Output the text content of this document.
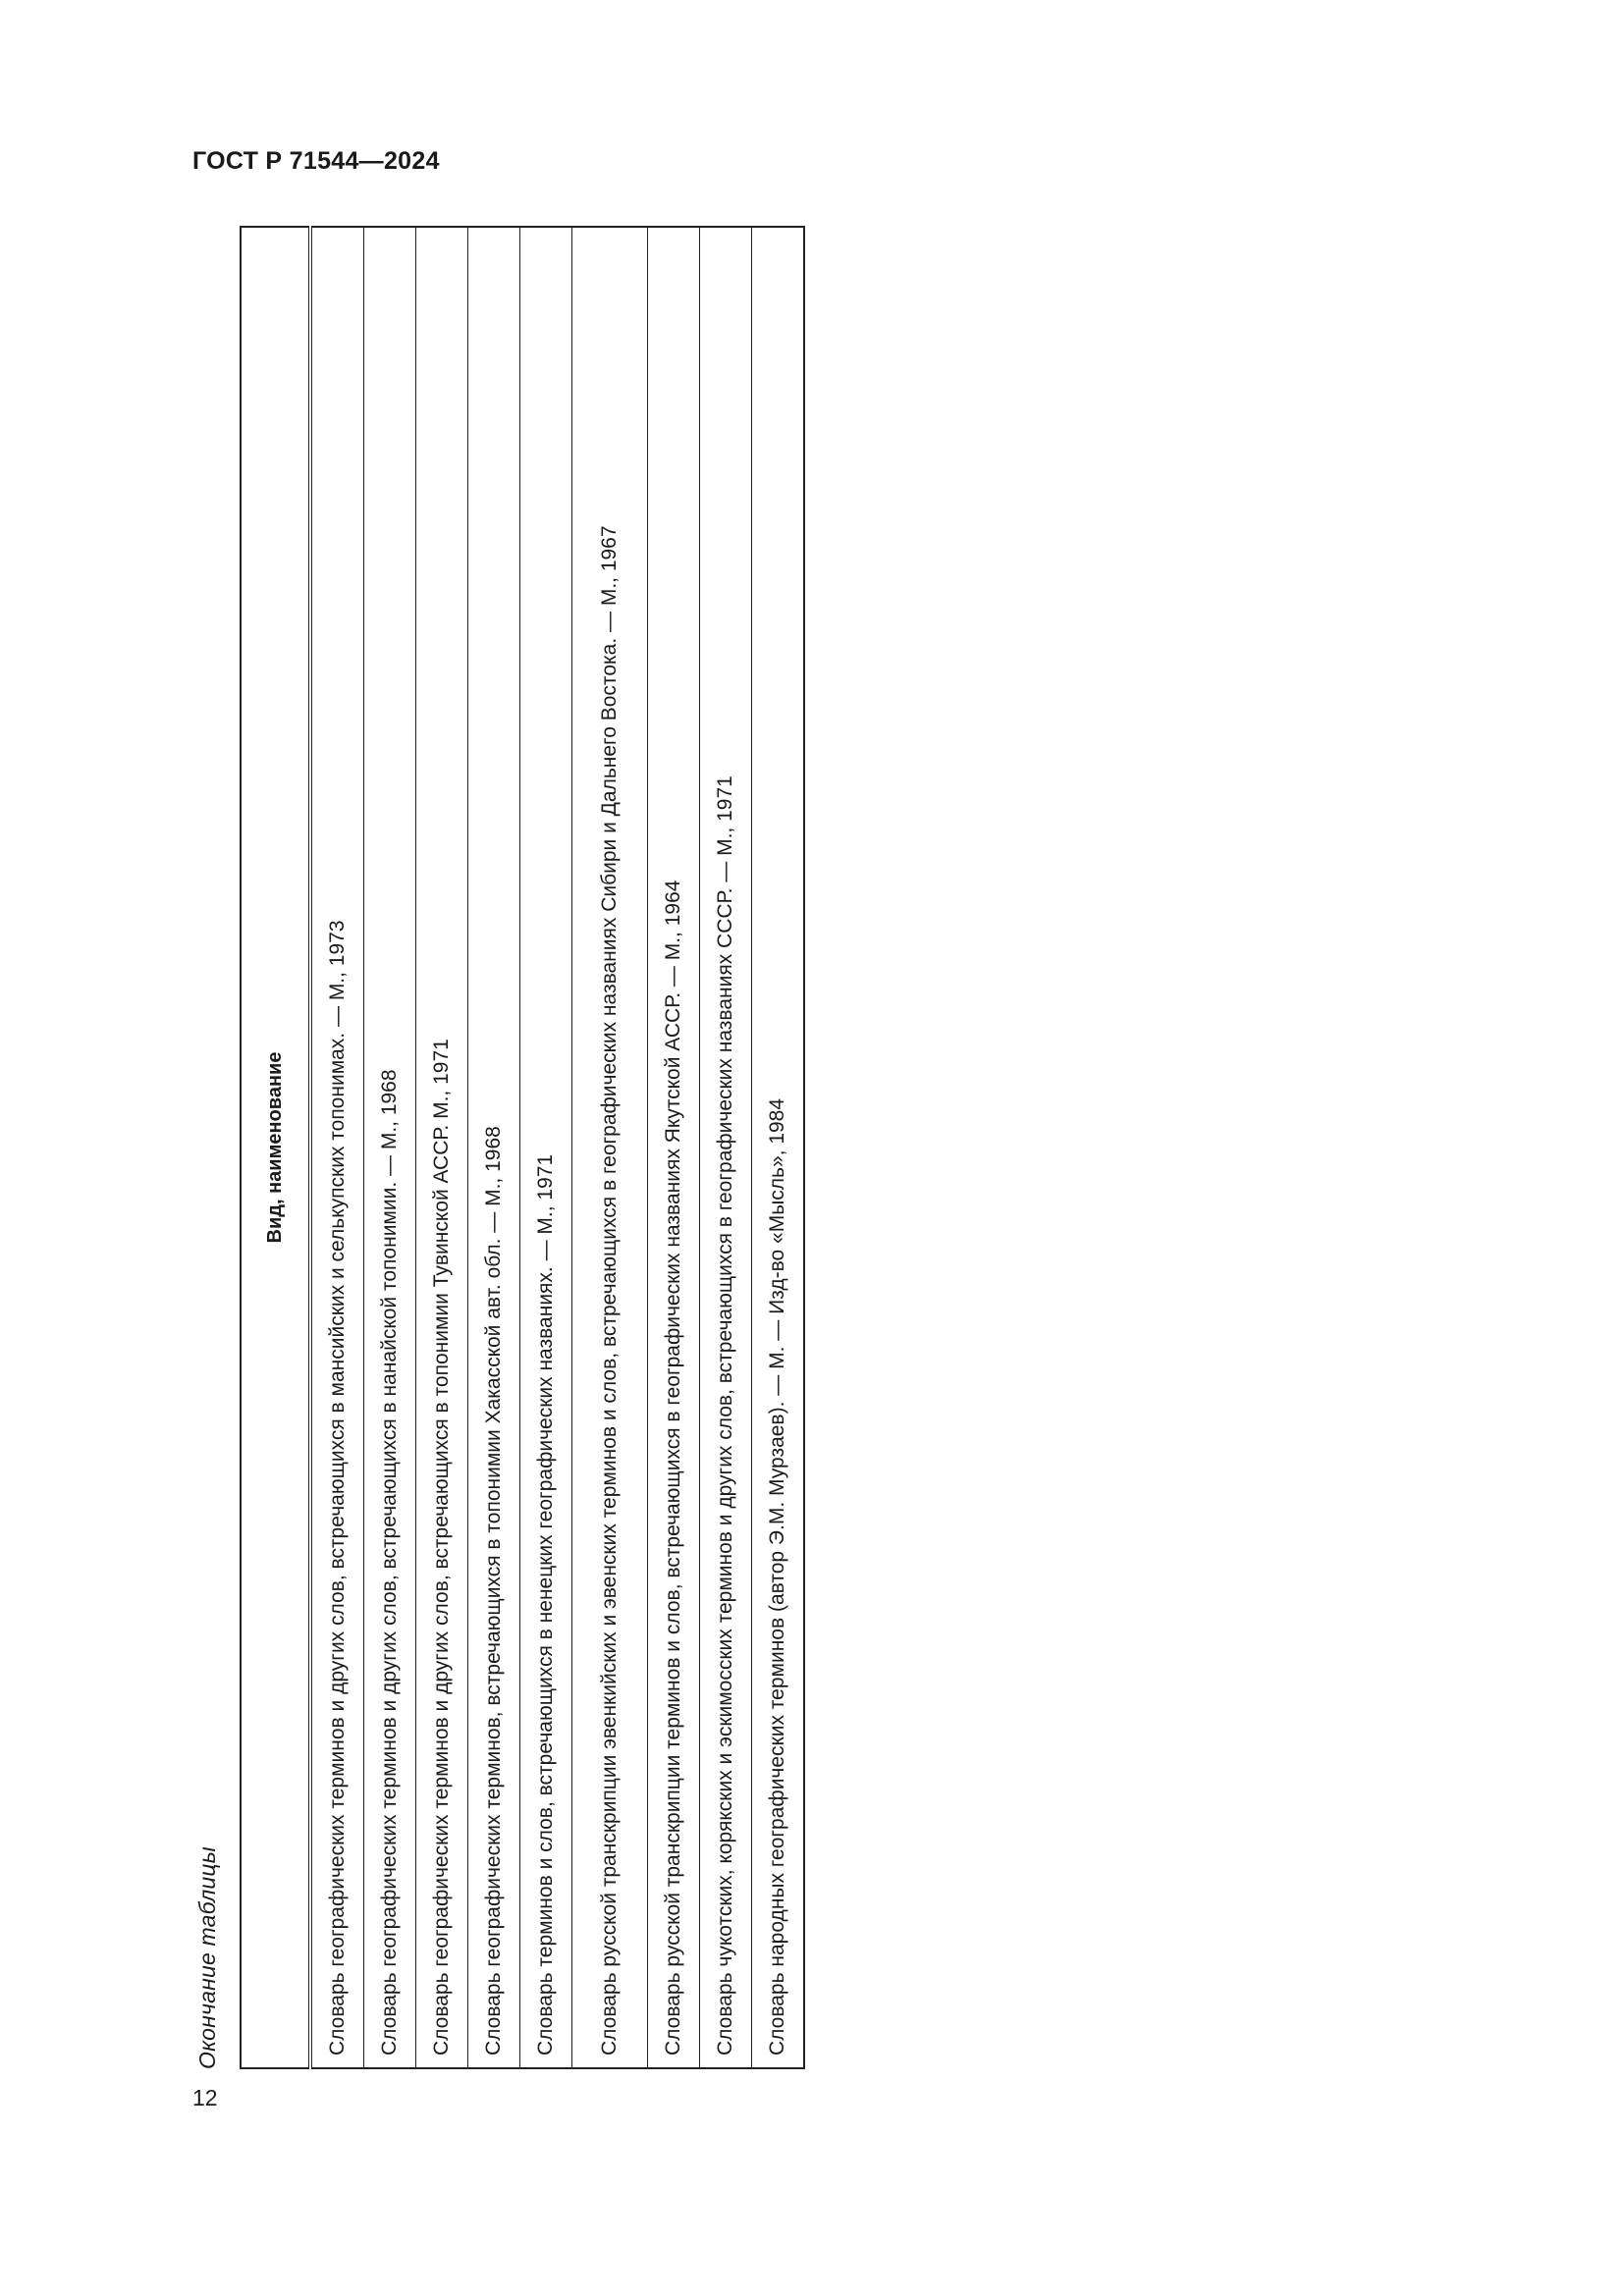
ГОСТ Р 71544—2024
Окончание таблицы
Вид, наименование
Словарь географических терминов и других слов, встречающихся в мансийских и селькупских топонимах. — М., 1973
Словарь географических терминов и других слов, встречающихся в нанайской топонимии. — М., 1968
Словарь географических терминов и других слов, встречающихся в топонимии Тувинской АССР. М., 1971
Словарь географических терминов, встречающихся в топонимии Хакасской авт. обл. — М., 1968
Словарь терминов и слов, встречающихся в ненецких географических названиях. — М., 1971
Словарь русской транскрипции эвенкийских и эвенских терминов и слов, встречающихся в географических названиях Сибири и Дальнего Востока. — М., 1967
Словарь русской транскрипции терминов и слов, встречающихся в географических названиях Якутской АССР. — М., 1964
Словарь чукотских, корякских и эскимосских терминов и других слов, встречающихся в географических названиях СССР. — М., 1971
Словарь народных географических терминов (автор Э.М. Мурзаев). — М. — Изд-во «Мысль», 1984
12
